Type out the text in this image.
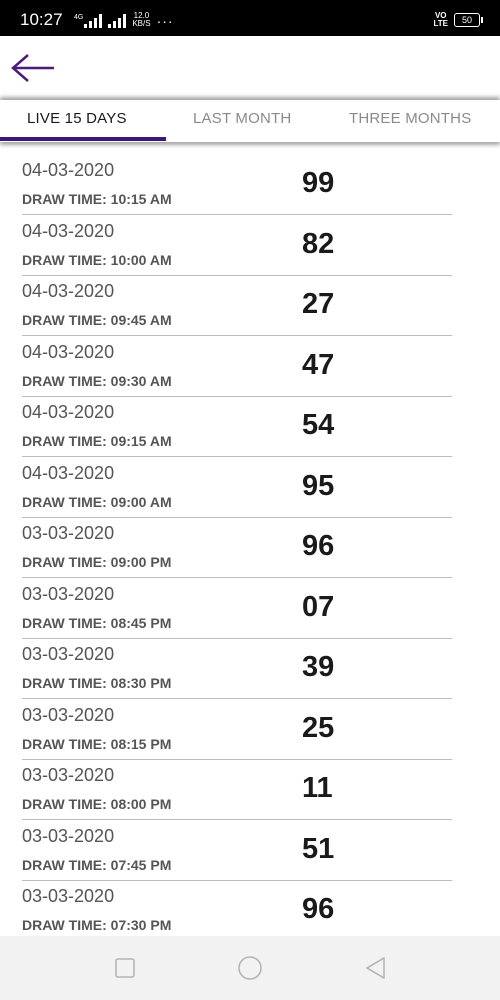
10:27 4G	12.0
KB/S ···	VO
LTE	50
LIVE 15 DAYS	LAST MONTH	THREE MONTHS
04-03-2020
DRAW TIME: 10:15 AM	99
04-03-2020
DRAW TIME: 10:00 AM	82
04-03-2020
DRAW TIME: 09:45 AM	27
04-03-2020
DRAW TIME: 09:30 AM	47
04-03-2020
DRAW TIME: 09:15 AM	54
04-03-2020
DRAW TIME: 09:00 AM	95
03-03-2020
DRAW TIME: 09:00 PM	96
03-03-2020
DRAW TIME: 08:45 PM	07
03-03-2020
DRAW TIME: 08:30 PM	39
03-03-2020
DRAW TIME: 08:15 PM	25
03-03-2020
DRAW TIME: 08:00 PM	11
03-03-2020
DRAW TIME: 07:45 PM	51
03-03-2020
DRAW TIME: 07:30 PM	96
